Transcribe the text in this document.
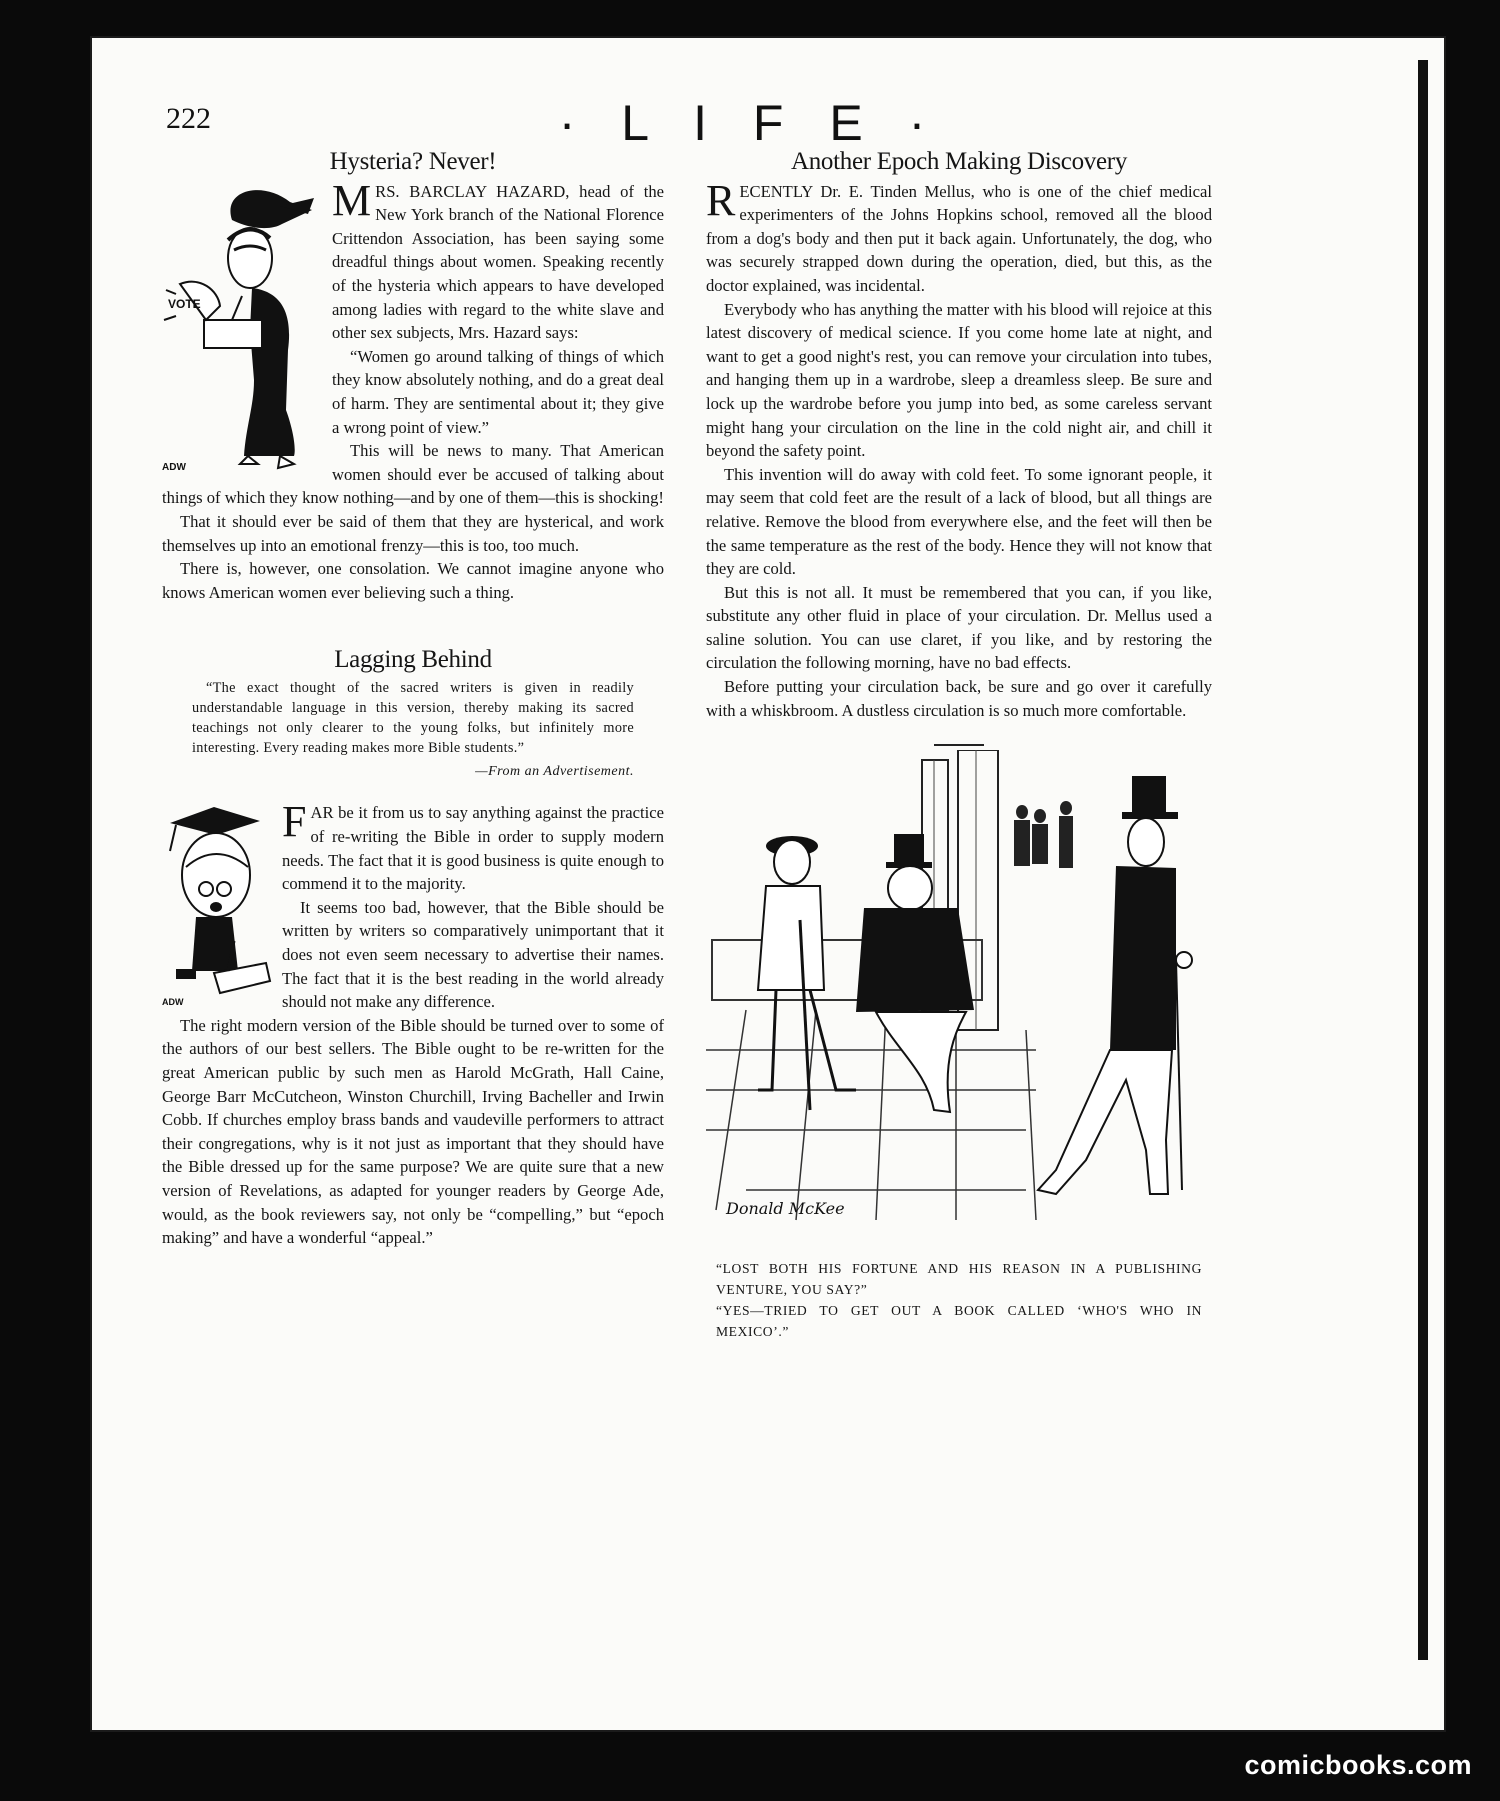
222	· L I F E ·
Hysteria? Never!
VOTE
ADW

MRS. BARCLAY HAZARD, head of the New York branch of the National Florence Crittendon Association, has been saying some dreadful things about women. Speaking recently of the hysteria which appears to have developed among ladies with regard to the white slave and other sex subjects, Mrs. Hazard says:

“Women go around talking of things of which they know absolutely nothing, and do a great deal of harm. They are sentimental about it; they give a wrong point of view.”

This will be news to many. That American women should ever be accused of talking about things of which they know nothing—and by one of them—this is shocking!

That it should ever be said of them that they are hysterical, and work themselves up into an emotional frenzy—this is too, too much.

There is, however, one consolation. We cannot imagine anyone who knows American women ever believing such a thing.

Lagging Behind
“The exact thought of the sacred writers is given in readily understandable language in this version, thereby making its sacred teachings not only clearer to the young folks, but infinitely more interesting. Every reading makes more Bible students.”
—From an Advertisement.
ADW

FAR be it from us to say anything against the practice of re-writing the Bible in order to supply modern needs. The fact that it is good business is quite enough to commend it to the majority.

It seems too bad, however, that the Bible should be written by writers so comparatively unimportant that it does not even seem necessary to advertise their names. The fact that it is the best reading in the world already should not make any difference.

The right modern version of the Bible should be turned over to some of the authors of our best sellers. The Bible ought to be re-written for the great American public by such men as Harold McGrath, Hall Caine, George Barr McCutcheon, Winston Churchill, Irving Bacheller and Irwin Cobb. If churches employ brass bands and vaudeville performers to attract their congregations, why is it not just as important that they should have the Bible dressed up for the same purpose? We are quite sure that a new version of Revelations, as adapted for younger readers by George Ade, would, as the book reviewers say, not only be “compelling,” but “epoch making” and have a wonderful “appeal.”

Another Epoch Making Discovery

RECENTLY Dr. E. Tinden Mellus, who is one of the chief medical experimenters of the Johns Hopkins school, removed all the blood from a dog's body and then put it back again. Unfortunately, the dog, who was securely strapped down during the operation, died, but this, as the doctor explained, was incidental.

Everybody who has anything the matter with his blood will rejoice at this latest discovery of medical science. If you come home late at night, and want to get a good night's rest, you can remove your circulation into tubes, and hanging them up in a wardrobe, sleep a dreamless sleep. Be sure and lock up the wardrobe before you jump into bed, as some careless servant might hang your circulation on the line in the cold night air, and chill it beyond the safety point.

This invention will do away with cold feet. To some ignorant people, it may seem that cold feet are the result of a lack of blood, but all things are relative. Remove the blood from everywhere else, and the feet will then be the same temperature as the rest of the body. Hence they will not know that they are cold.

But this is not all. It must be remembered that you can, if you like, substitute any other fluid in place of your circulation. Dr. Mellus used a saline solution. You can use claret, if you like, and by restoring the circulation the following morning, have no bad effects.

Before putting your circulation back, be sure and go over it carefully with a whiskbroom. A dustless circulation is so much more comfortable.

Donald McKee

“LOST BOTH HIS FORTUNE AND HIS REASON IN A PUBLISHING VENTURE, YOU SAY?”

“YES—TRIED TO GET OUT A BOOK CALLED ‘WHO'S WHO IN MEXICO’.”

comicbooks.com
